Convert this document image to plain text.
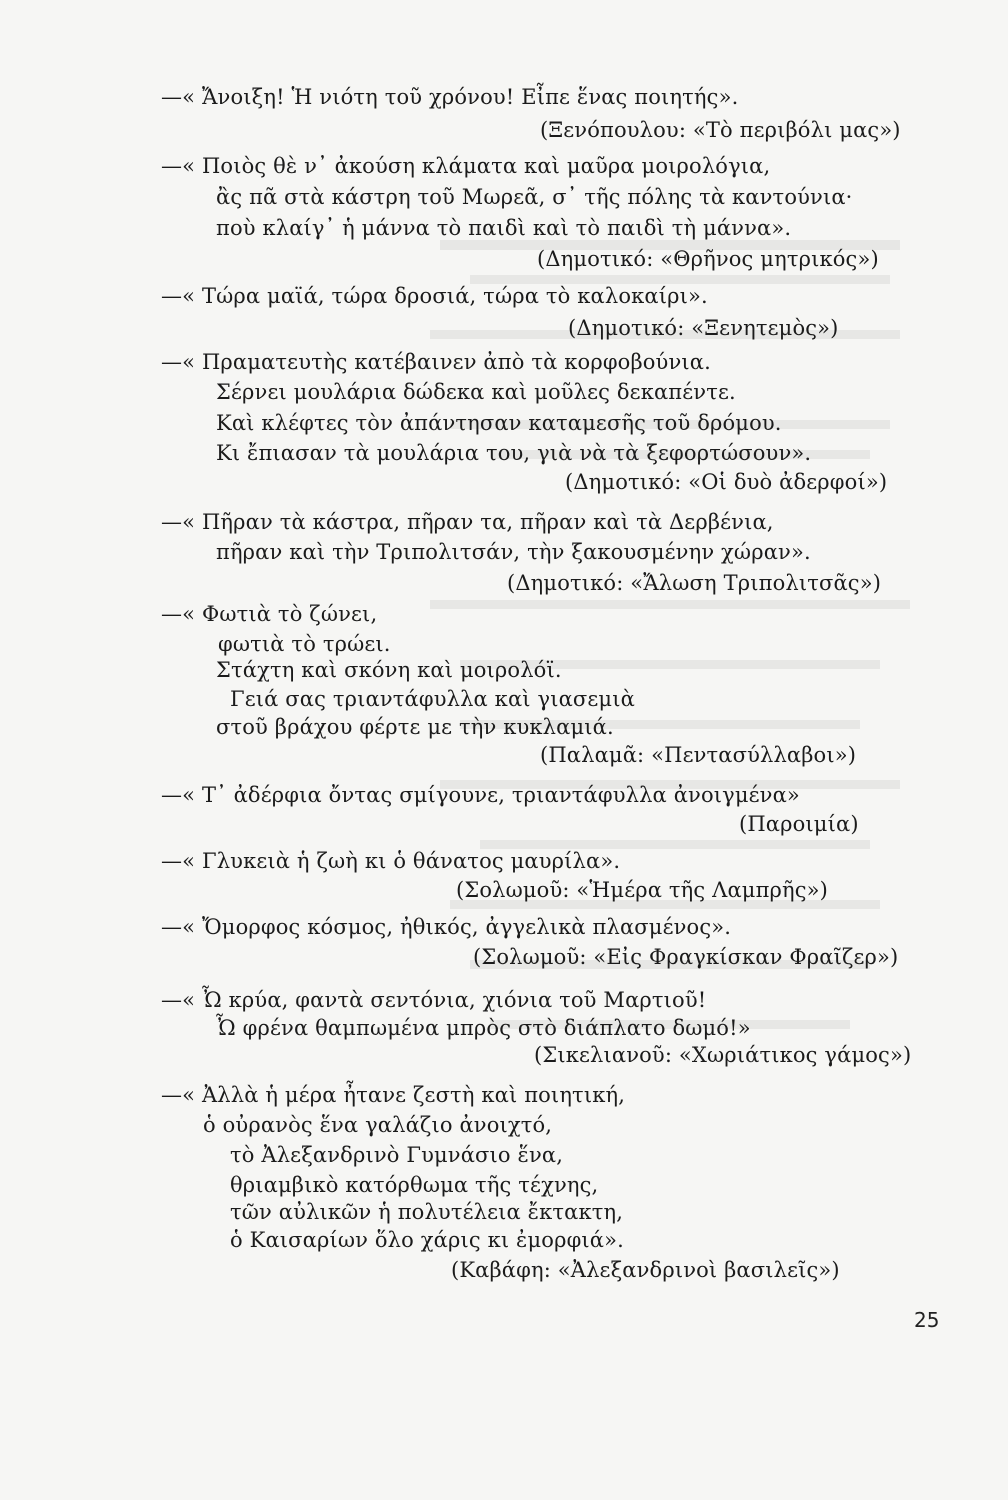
—« Ἄνοιξη! Ἡ νιότη τοῦ χρόνου! Εἶπε ἕνας ποιητής».
(Ξενόπουλου: «Τὸ περιβόλι μας»)
—« Ποιὸς θὲ ν᾿ ἀκούση κλάματα καὶ μαῦρα μοιρολόγια,
ἂς πᾶ στὰ κάστρη τοῦ Μωρεᾶ, σ᾿ τῆς πόλης τὰ καντούνια·
ποὺ κλαίγ᾿ ἡ μάννα τὸ παιδὶ καὶ τὸ παιδὶ τὴ μάννα».
(Δημοτικό: «Θρῆνος μητρικός»)
—« Τώρα μαϊά, τώρα δροσιά, τώρα τὸ καλοκαίρι».
(Δημοτικό: «Ξενητεμὸς»)
—« Πραματευτὴς κατέβαινεν ἀπὸ τὰ κορφοβούνια.
Σέρνει μουλάρια δώδεκα καὶ μοῦλες δεκαπέντε.
Καὶ κλέφτες τὸν ἀπάντησαν καταμεσῆς τοῦ δρόμου.
Κι ἔπιασαν τὰ μουλάρια του, γιὰ νὰ τὰ ξεφορτώσουν».
(Δημοτικό: «Οἱ δυὸ ἀδερφοί»)
—« Πῆραν τὰ κάστρα, πῆραν τα, πῆραν καὶ τὰ Δερβένια,
πῆραν καὶ τὴν Τριπολιτσάν, τὴν ξακουσμένην χώραν».
(Δημοτικό: «Ἄλωση Τριπολιτσᾶς»)
—« Φωτιὰ τὸ ζώνει,
φωτιὰ τὸ τρώει.
Στάχτη καὶ σκόνη καὶ μοιρολόϊ.
Γειά σας τριαντάφυλλα καὶ γιασεμιὰ
στοῦ βράχου φέρτε με τὴν κυκλαμιά.
(Παλαμᾶ: «Πεντασύλλαβοι»)
—« Τ᾿ ἀδέρφια ὄντας σμίγουνε, τριαντάφυλλα ἀνοιγμένα»
(Παροιμία)
—« Γλυκειὰ ἡ ζωὴ κι ὁ θάνατος μαυρίλα».
(Σολωμοῦ: «Ἡμέρα τῆς Λαμπρῆς»)
—« Ὄμορφος κόσμος, ἠθικός, ἀγγελικὰ πλασμένος».
(Σολωμοῦ: «Εἰς Φραγκίσκαν Φραῖζερ»)
—« Ὦ κρύα, φαντὰ σεντόνια, χιόνια τοῦ Μαρτιοῦ!
Ὦ φρένα θαμπωμένα μπρὸς στὸ διάπλατο δωμό!»
(Σικελιανοῦ: «Χωριάτικος γάμος»)
—« Ἀλλὰ ἡ μέρα ἦτανε ζεστὴ καὶ ποιητική,
ὁ οὐρανὸς ἕνα γαλάζιο ἀνοιχτό,
τὸ Ἀλεξανδρινὸ Γυμνάσιο ἕνα,
θριαμβικὸ κατόρθωμα τῆς τέχνης,
τῶν αὐλικῶν ἡ πολυτέλεια ἔκτακτη,
ὁ Καισαρίων ὅλο χάρις κι ἐμορφιά».
(Καβάφη: «Ἀλεξανδρινοὶ βασιλεῖς»)
25
